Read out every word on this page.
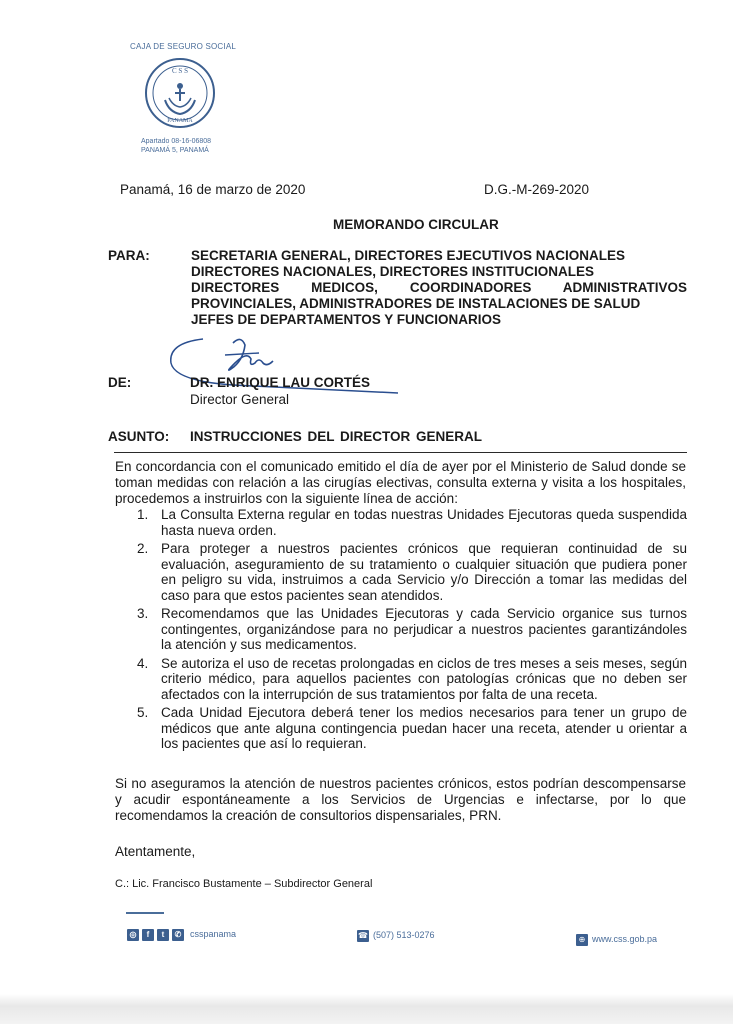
CAJA DE SEGURO SOCIAL
C S S
PANAMA
Apartado 08-16-06808
PANAMÁ 5, PANAMÁ
Panamá, 16 de marzo de 2020	D.G.-M-269-2020
MEMORANDO CIRCULAR
PARA:	SECRETARIA GENERAL, DIRECTORES EJECUTIVOS NACIONALES
DIRECTORES NACIONALES, DIRECTORES INSTITUCIONALES
DIRECTORES MEDICOS, COORDINADORES ADMINISTRATIVOS
PROVINCIALES, ADMINISTRADORES DE INSTALACIONES DE SALUD
JEFES DE DEPARTAMENTOS Y FUNCIONARIOS
DE:	DR. ENRIQUE LAU CORTÉS
Director General
ASUNTO: INSTRUCCIONES DEL DIRECTOR GENERAL
En concordancia con el comunicado emitido el día de ayer por el Ministerio de Salud donde se toman medidas con relación a las cirugías electivas, consulta externa y visita a los hospitales, procedemos a instruirlos con la siguiente línea de acción:
1. La Consulta Externa regular en todas nuestras Unidades Ejecutoras queda suspendida hasta nueva orden.
2. Para proteger a nuestros pacientes crónicos que requieran continuidad de su evaluación, aseguramiento de su tratamiento o cualquier situación que pudiera poner en peligro su vida, instruimos a cada Servicio y/o Dirección a tomar las medidas del caso para que estos pacientes sean atendidos.
3. Recomendamos que las Unidades Ejecutoras y cada Servicio organice sus turnos contingentes, organizándose para no perjudicar a nuestros pacientes garantizándoles la atención y sus medicamentos.
4. Se autoriza el uso de recetas prolongadas en ciclos de tres meses a seis meses, según criterio médico, para aquellos pacientes con patologías crónicas que no deben ser afectados con la interrupción de sus tratamientos por falta de una receta.
5. Cada Unidad Ejecutora deberá tener los medios necesarios para tener un grupo de médicos que ante alguna contingencia puedan hacer una receta, atender u orientar a los pacientes que así lo requieran.
Si no aseguramos la atención de nuestros pacientes crónicos, estos podrían descompensarse y acudir espontáneamente a los Servicios de Urgencias e infectarse, por lo que recomendamos la creación de consultorios dispensariales, PRN.
Atentamente,
C.: Lic. Francisco Bustamente – Subdirector General
◎	f	t	✆ csspanama	☎ (507) 513-0276	⊕ www.css.gob.pa
